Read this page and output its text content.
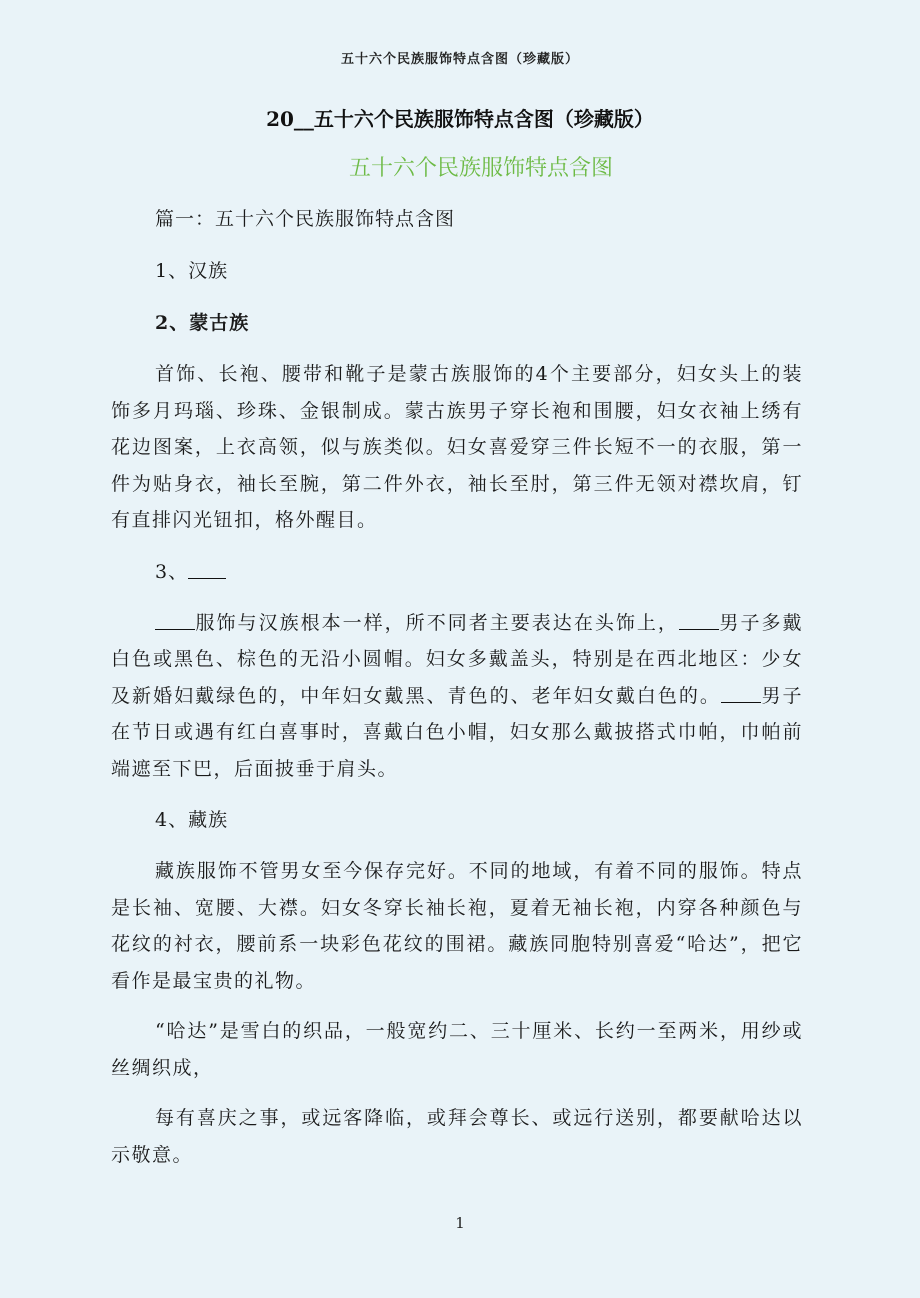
五十六个民族服饰特点含图（珍藏版）
20__五十六个民族服饰特点含图（珍藏版）
五十六个民族服饰特点含图

篇一：五十六个民族服饰特点含图

1、汉族

2、蒙古族

首饰、长袍、腰带和靴子是蒙古族服饰的4个主要部分，妇女头上的装饰多月玛瑙、珍珠、金银制成。蒙古族男子穿长袍和围腰，妇女衣袖上绣有花边图案，上衣高领，似与族类似。妇女喜爱穿三件长短不一的衣服，第一件为贴身衣，袖长至腕，第二件外衣，袖长至肘，第三件无领对襟坎肩，钉有直排闪光钮扣，格外醒目。

3、

服饰与汉族根本一样，所不同者主要表达在头饰上， 男子多戴白色或黑色、棕色的无沿小圆帽。妇女多戴盖头，特别是在西北地区：少女及新婚妇戴绿色的，中年妇女戴黑、青色的、老年妇女戴白色的。 男子在节日或遇有红白喜事时，喜戴白色小帽，妇女那么戴披搭式巾帕，巾帕前端遮至下巴，后面披垂于肩头。

4、藏族

藏族服饰不管男女至今保存完好。不同的地域，有着不同的服饰。特点是长袖、宽腰、大襟。妇女冬穿长袖长袍，夏着无袖长袍，内穿各种颜色与花纹的衬衣，腰前系一块彩色花纹的围裙。藏族同胞特别喜爱“哈达”，把它看作是最宝贵的礼物。

“哈达”是雪白的织品，一般宽约二、三十厘米、长约一至两米，用纱或丝绸织成，

每有喜庆之事，或远客降临，或拜会尊长、或远行送别，都要献哈达以示敬意。

1
